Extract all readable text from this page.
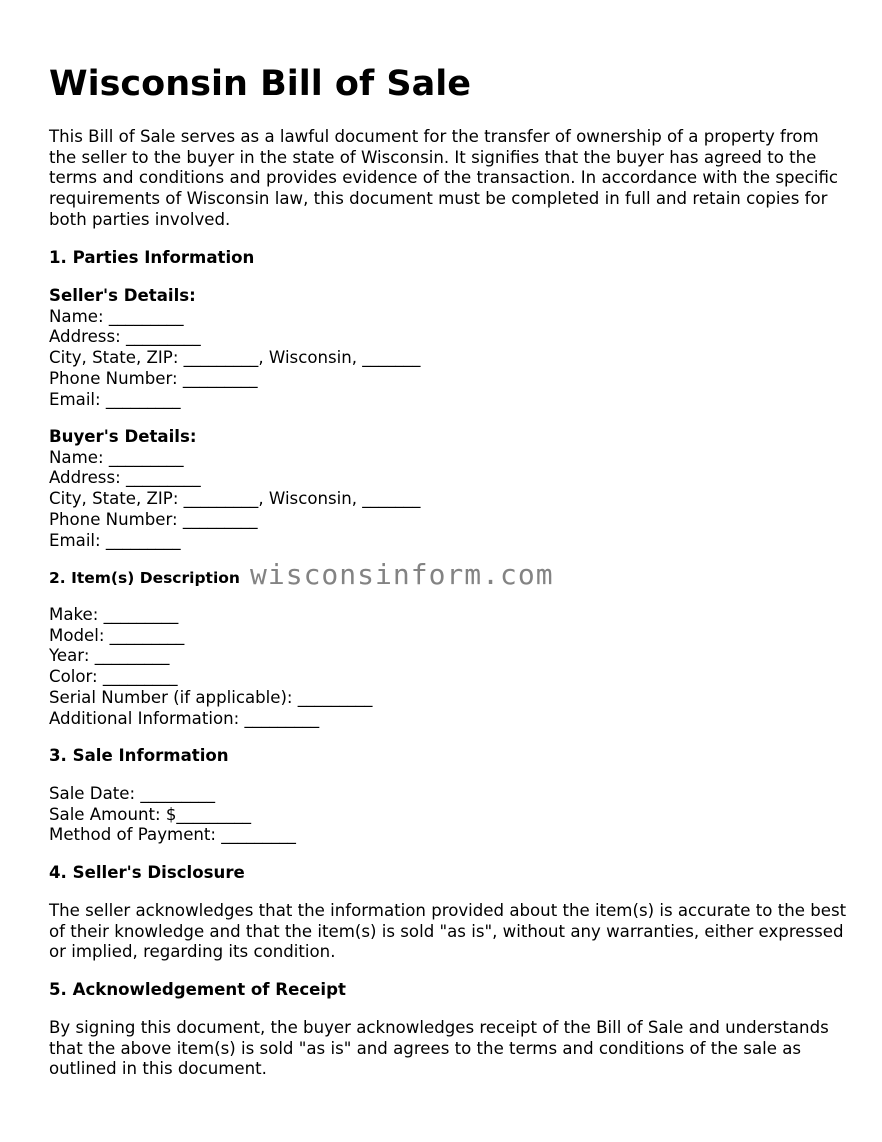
Wisconsin Bill of Sale

This Bill of Sale serves as a lawful document for the transfer of ownership of a property from the seller to the buyer in the state of Wisconsin. It signifies that the buyer has agreed to the terms and conditions and provides evidence of the transaction. In accordance with the specific requirements of Wisconsin law, this document must be completed in full and retain copies for both parties involved.

1. Parties Information

Seller's Details:

Name: _________

Address: _________

City, State, ZIP: _________, Wisconsin, _______

Phone Number: _________

Email: _________

Buyer's Details:

Name: _________

Address: _________

City, State, ZIP: _________, Wisconsin, _______

Phone Number: _________

Email: _________

2. Item(s) Description

Make: _________

Model: _________

Year: _________

Color: _________

Serial Number (if applicable): _________

Additional Information: _________

3. Sale Information

Sale Date: _________

Sale Amount: $_________

Method of Payment: _________

4. Seller's Disclosure

The seller acknowledges that the information provided about the item(s) is accurate to the best of their knowledge and that the item(s) is sold "as is", without any warranties, either expressed or implied, regarding its condition.

5. Acknowledgement of Receipt

By signing this document, the buyer acknowledges receipt of the Bill of Sale and understands that the above item(s) is sold "as is" and agrees to the terms and conditions of the sale as outlined in this document.

wisconsinform.com
